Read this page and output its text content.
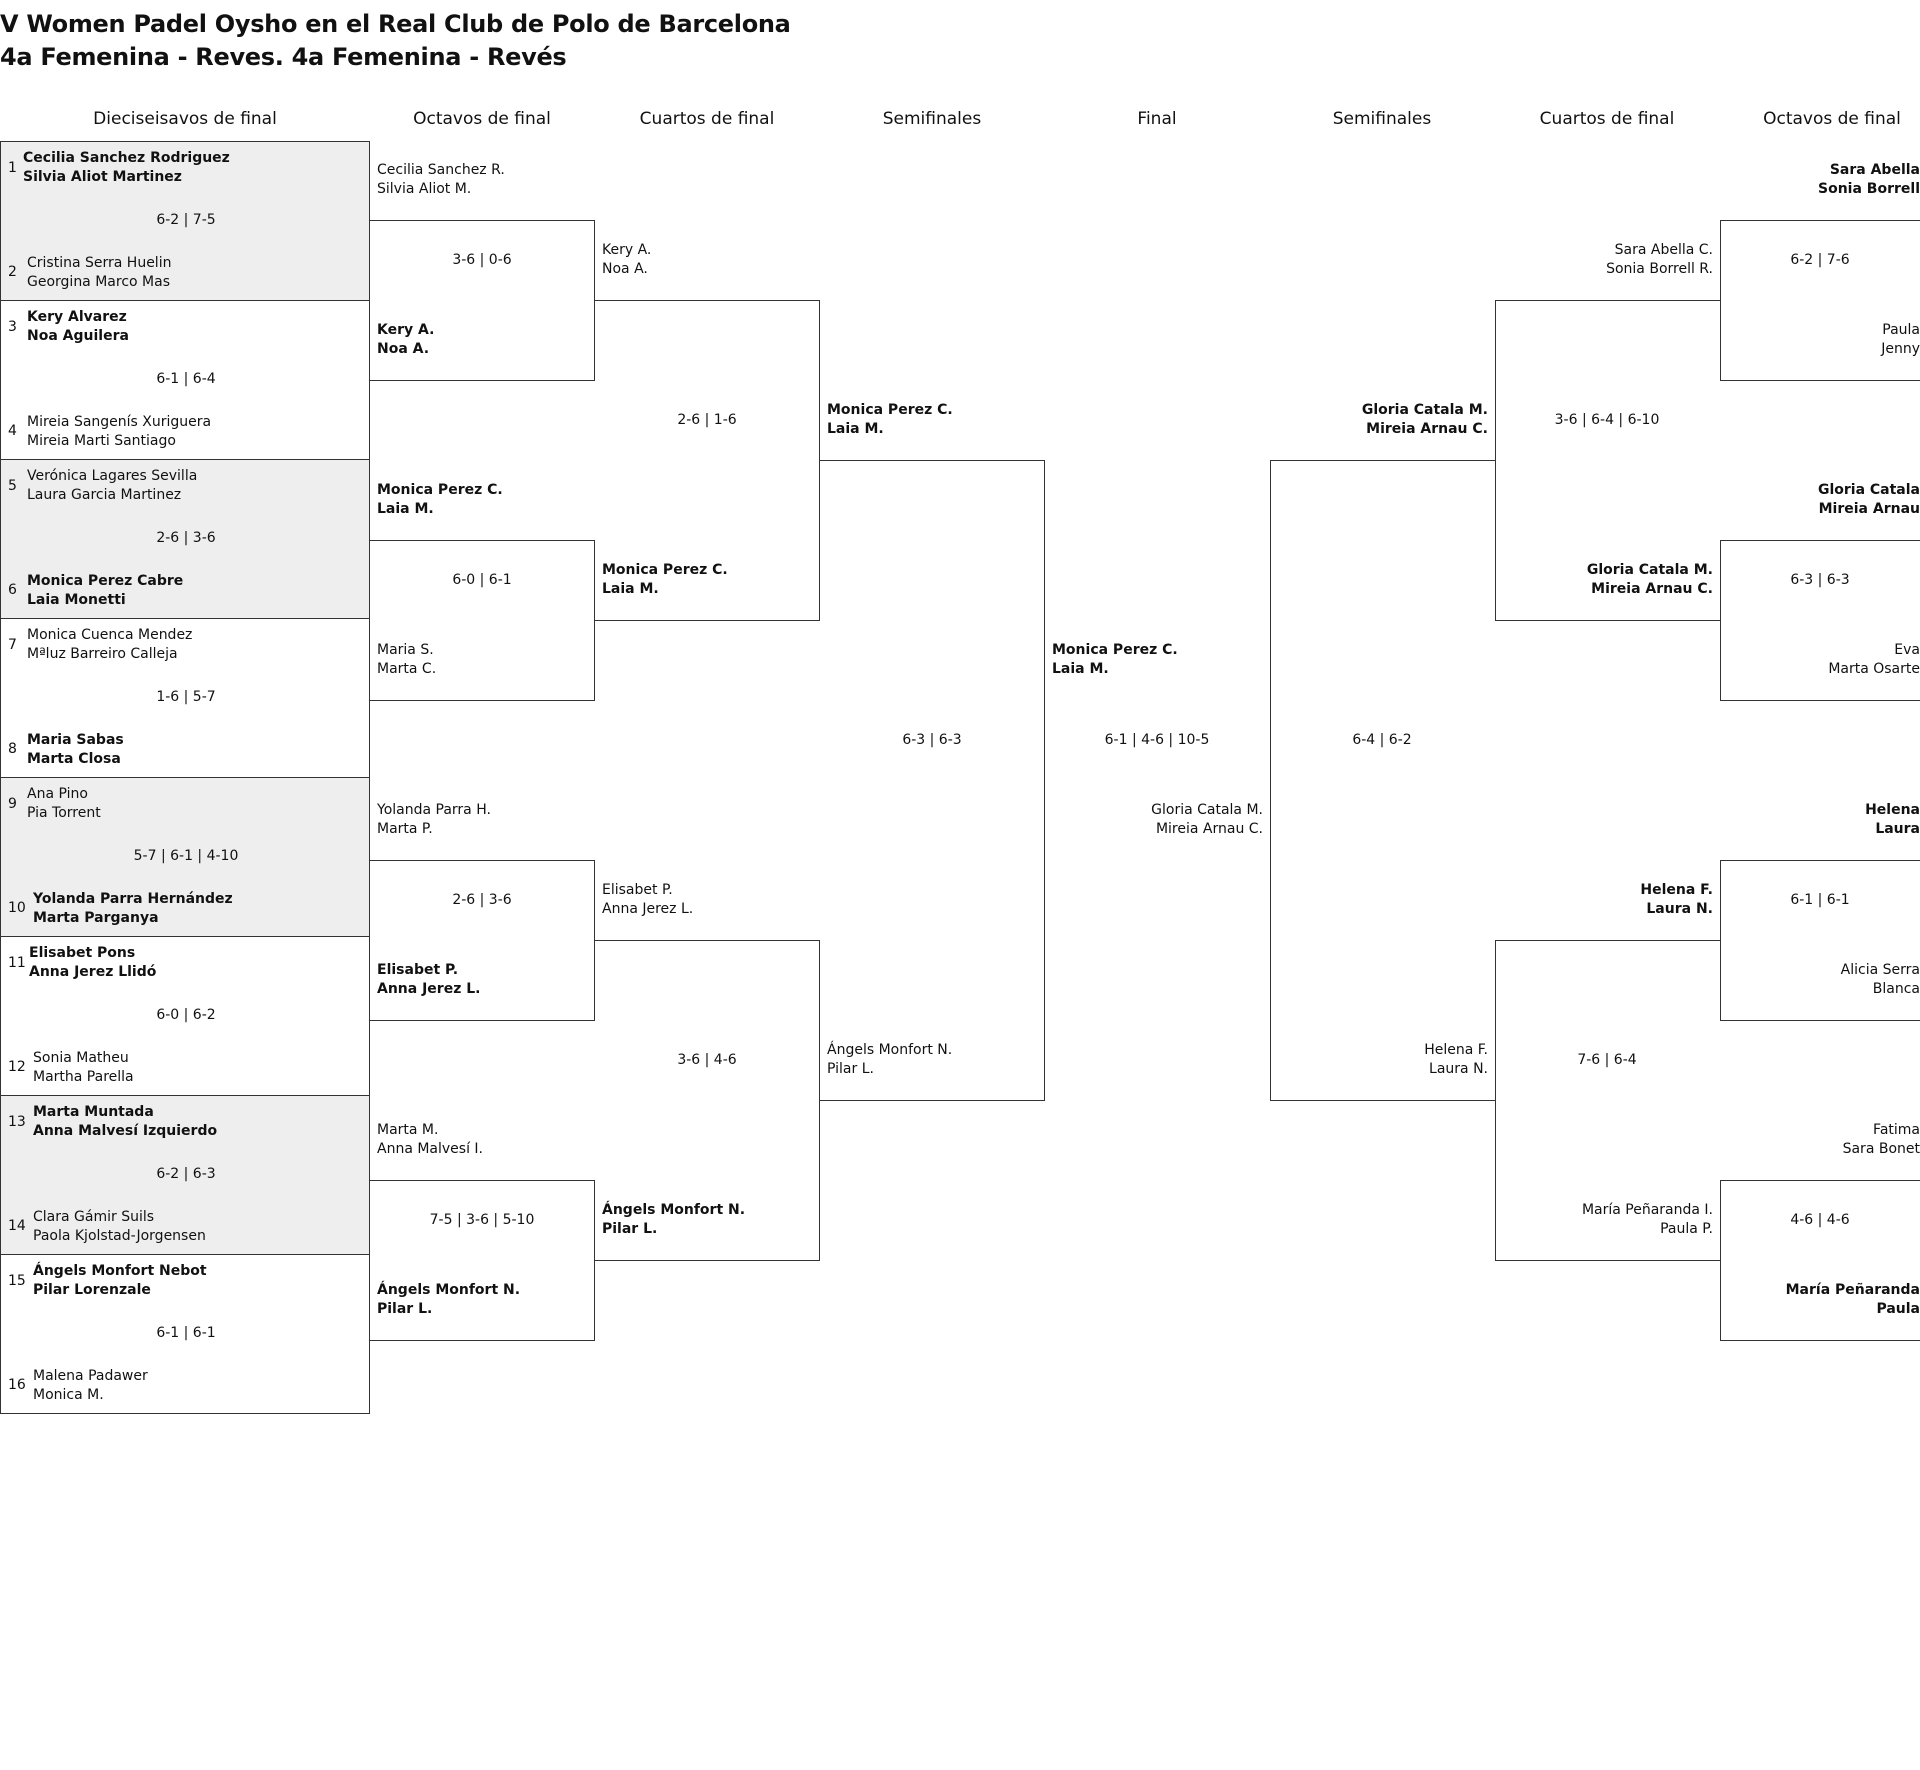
V Women Padel Oysho en el Real Club de Polo de Barcelona
4a Femenina - Reves. 4a Femenina - Revés
Dieciseisavos de final	Octavos de final	Cuartos de final	Semifinales	Final	Semifinales	Cuartos de final	Octavos de final
1
Cecilia Sanchez Rodriguez
Silvia Aliot Martinez
6-2 | 7-5
2
Cristina Serra Huelin
Georgina Marco Mas
3
Kery Alvarez
Noa Aguilera
6-1 | 6-4
4
Mireia Sangenís Xuriguera
Mireia Marti Santiago
5
Verónica Lagares Sevilla
Laura Garcia Martinez
2-6 | 3-6
6
Monica Perez Cabre
Laia Monetti
7
Monica Cuenca Mendez
Mªluz Barreiro Calleja
1-6 | 5-7
8
Maria Sabas
Marta Closa
9
Ana Pino
Pia Torrent
5-7 | 6-1 | 4-10
10
Yolanda Parra Hernández
Marta Parganya
11
Elisabet Pons
Anna Jerez Llidó
6-0 | 6-2
12
Sonia Matheu
Martha Parella
13
Marta Muntada
Anna Malvesí Izquierdo
6-2 | 6-3
14
Clara Gámir Suils
Paola Kjolstad-Jorgensen
15
Ángels Monfort Nebot
Pilar Lorenzale
6-1 | 6-1
16
Malena Padawer
Monica M.
Cecilia Sanchez R.
Silvia Aliot M.
3-6 | 0-6
Kery A.
Noa A.
Monica Perez C.
Laia M.
6-0 | 6-1
Maria S.
Marta C.
Yolanda Parra H.
Marta P.
2-6 | 3-6
Elisabet P.
Anna Jerez L.
Marta M.
Anna Malvesí I.
7-5 | 3-6 | 5-10
Ángels Monfort N.
Pilar L.
Kery A.
Noa A.
2-6 | 1-6
Monica Perez C.
Laia M.
Elisabet P.
Anna Jerez L.
3-6 | 4-6
Ángels Monfort N.
Pilar L.
Monica Perez C.
Laia M.
6-3 | 6-3
Ángels Monfort N.
Pilar L.
Monica Perez C.
Laia M.
6-1 | 4-6 | 10-5
Gloria Catala M.
Mireia Arnau C.
Gloria Catala M.
Mireia Arnau C.
6-4 | 6-2
Helena F.
Laura N.
Sara Abella C.
Sonia Borrell R.
3-6 | 6-4 | 6-10
Gloria Catala M.
Mireia Arnau C.
Helena F.
Laura N.
7-6 | 6-4
María Peñaranda I.
Paula P.
Sara Abella
Sonia Borrell
6-2 | 7-6
Paula
Jenny
Gloria Catala
Mireia Arnau
6-3 | 6-3
Eva
Marta Osarte
Helena
Laura
6-1 | 6-1
Alicia Serra
Blanca
Fatima
Sara Bonet
4-6 | 4-6
María Peñaranda
Paula
